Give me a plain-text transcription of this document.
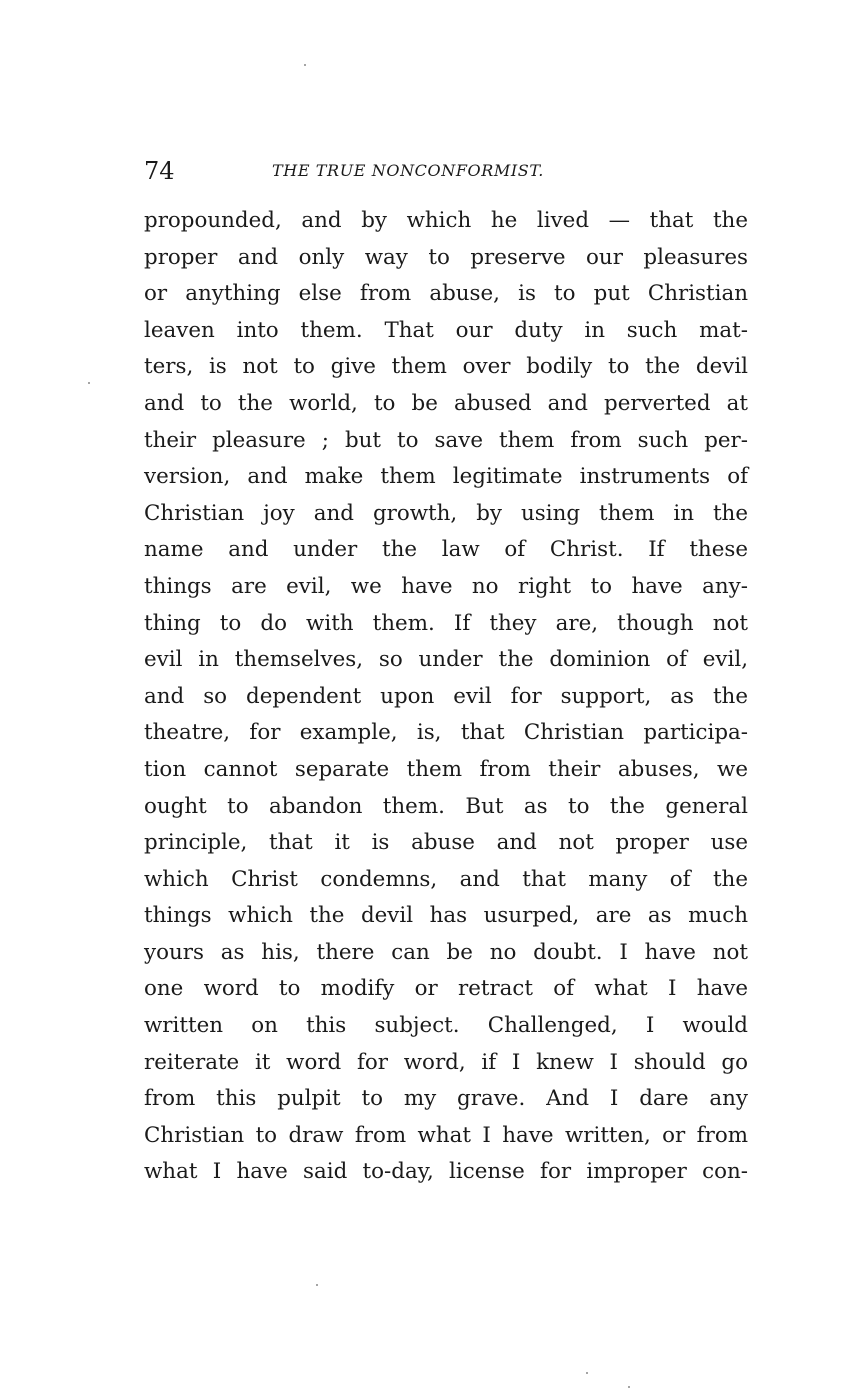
74	THE TRUE NONCONFORMIST.
propounded, and by which he lived — that the
proper and only way to preserve our pleasures
or anything else from abuse, is to put Christian
leaven into them. That our duty in such mat-
ters, is not to give them over bodily to the devil
and to the world, to be abused and perverted at
their pleasure ; but to save them from such per-
version, and make them legitimate instruments of
Christian joy and growth, by using them in the
name and under the law of Christ. If these
things are evil, we have no right to have any-
thing to do with them. If they are, though not
evil in themselves, so under the dominion of evil,
and so dependent upon evil for support, as the
theatre, for example, is, that Christian participa-
tion cannot separate them from their abuses, we
ought to abandon them. But as to the general
principle, that it is abuse and not proper use
which Christ condemns, and that many of the
things which the devil has usurped, are as much
yours as his, there can be no doubt. I have not
one word to modify or retract of what I have
written on this subject. Challenged, I would
reiterate it word for word, if I knew I should go
from this pulpit to my grave. And I dare any
Christian to draw from what I have written, or from
what I have said to-day, license for improper con-
